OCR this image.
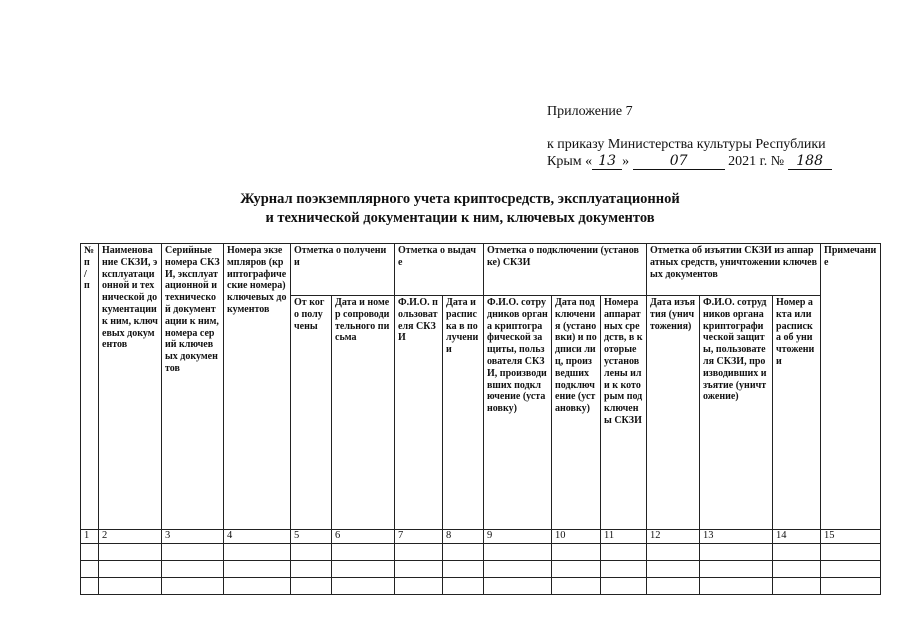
Приложение 7
к приказу Министерства культуры Республики
Крым « 13 »	07	2021 г. № 188
Журнал поэкземплярного учета криптосредств, эксплуатационной
и технической документации к ним, ключевых документов
№ п / п	Наименование СКЗИ, эксплуатационной и технической документации к ним, ключевых документов	Серийные номера СКЗИ, эксплуатационной и технической документации к ним, номера серий ключевых документов	Номера экземпляров (криптографические номера) ключевых документов	Отметка о получении		Отметка о выдаче		Отметка о подключении (установке) СКЗИ			Отметка об изъятии СКЗИ из аппаратных средств, уничтожении ключевых документов			Примечание
				От кого получены	Дата и номер сопроводительного письма	Ф.И.О. пользователя СКЗИ	Дата и расписка в получении	Ф.И.О. сотрудников органа криптографической защиты, пользователя СКЗИ, производивших подключение (установку)	Дата подключения (установки) и подписи лиц, произведших подключение (установку)	Номера аппаратных средств, в которые установлены или к которым подключены СКЗИ	Дата изъятия (уничтожения)	Ф.И.О. сотрудников органа криптографической защиты, пользователя СКЗИ, производивших изъятие (уничтожение)	Номер акта или расписка об уничтожении	
1	2	3	4	5	6	7	8	9	10	11	12	13	14	15
